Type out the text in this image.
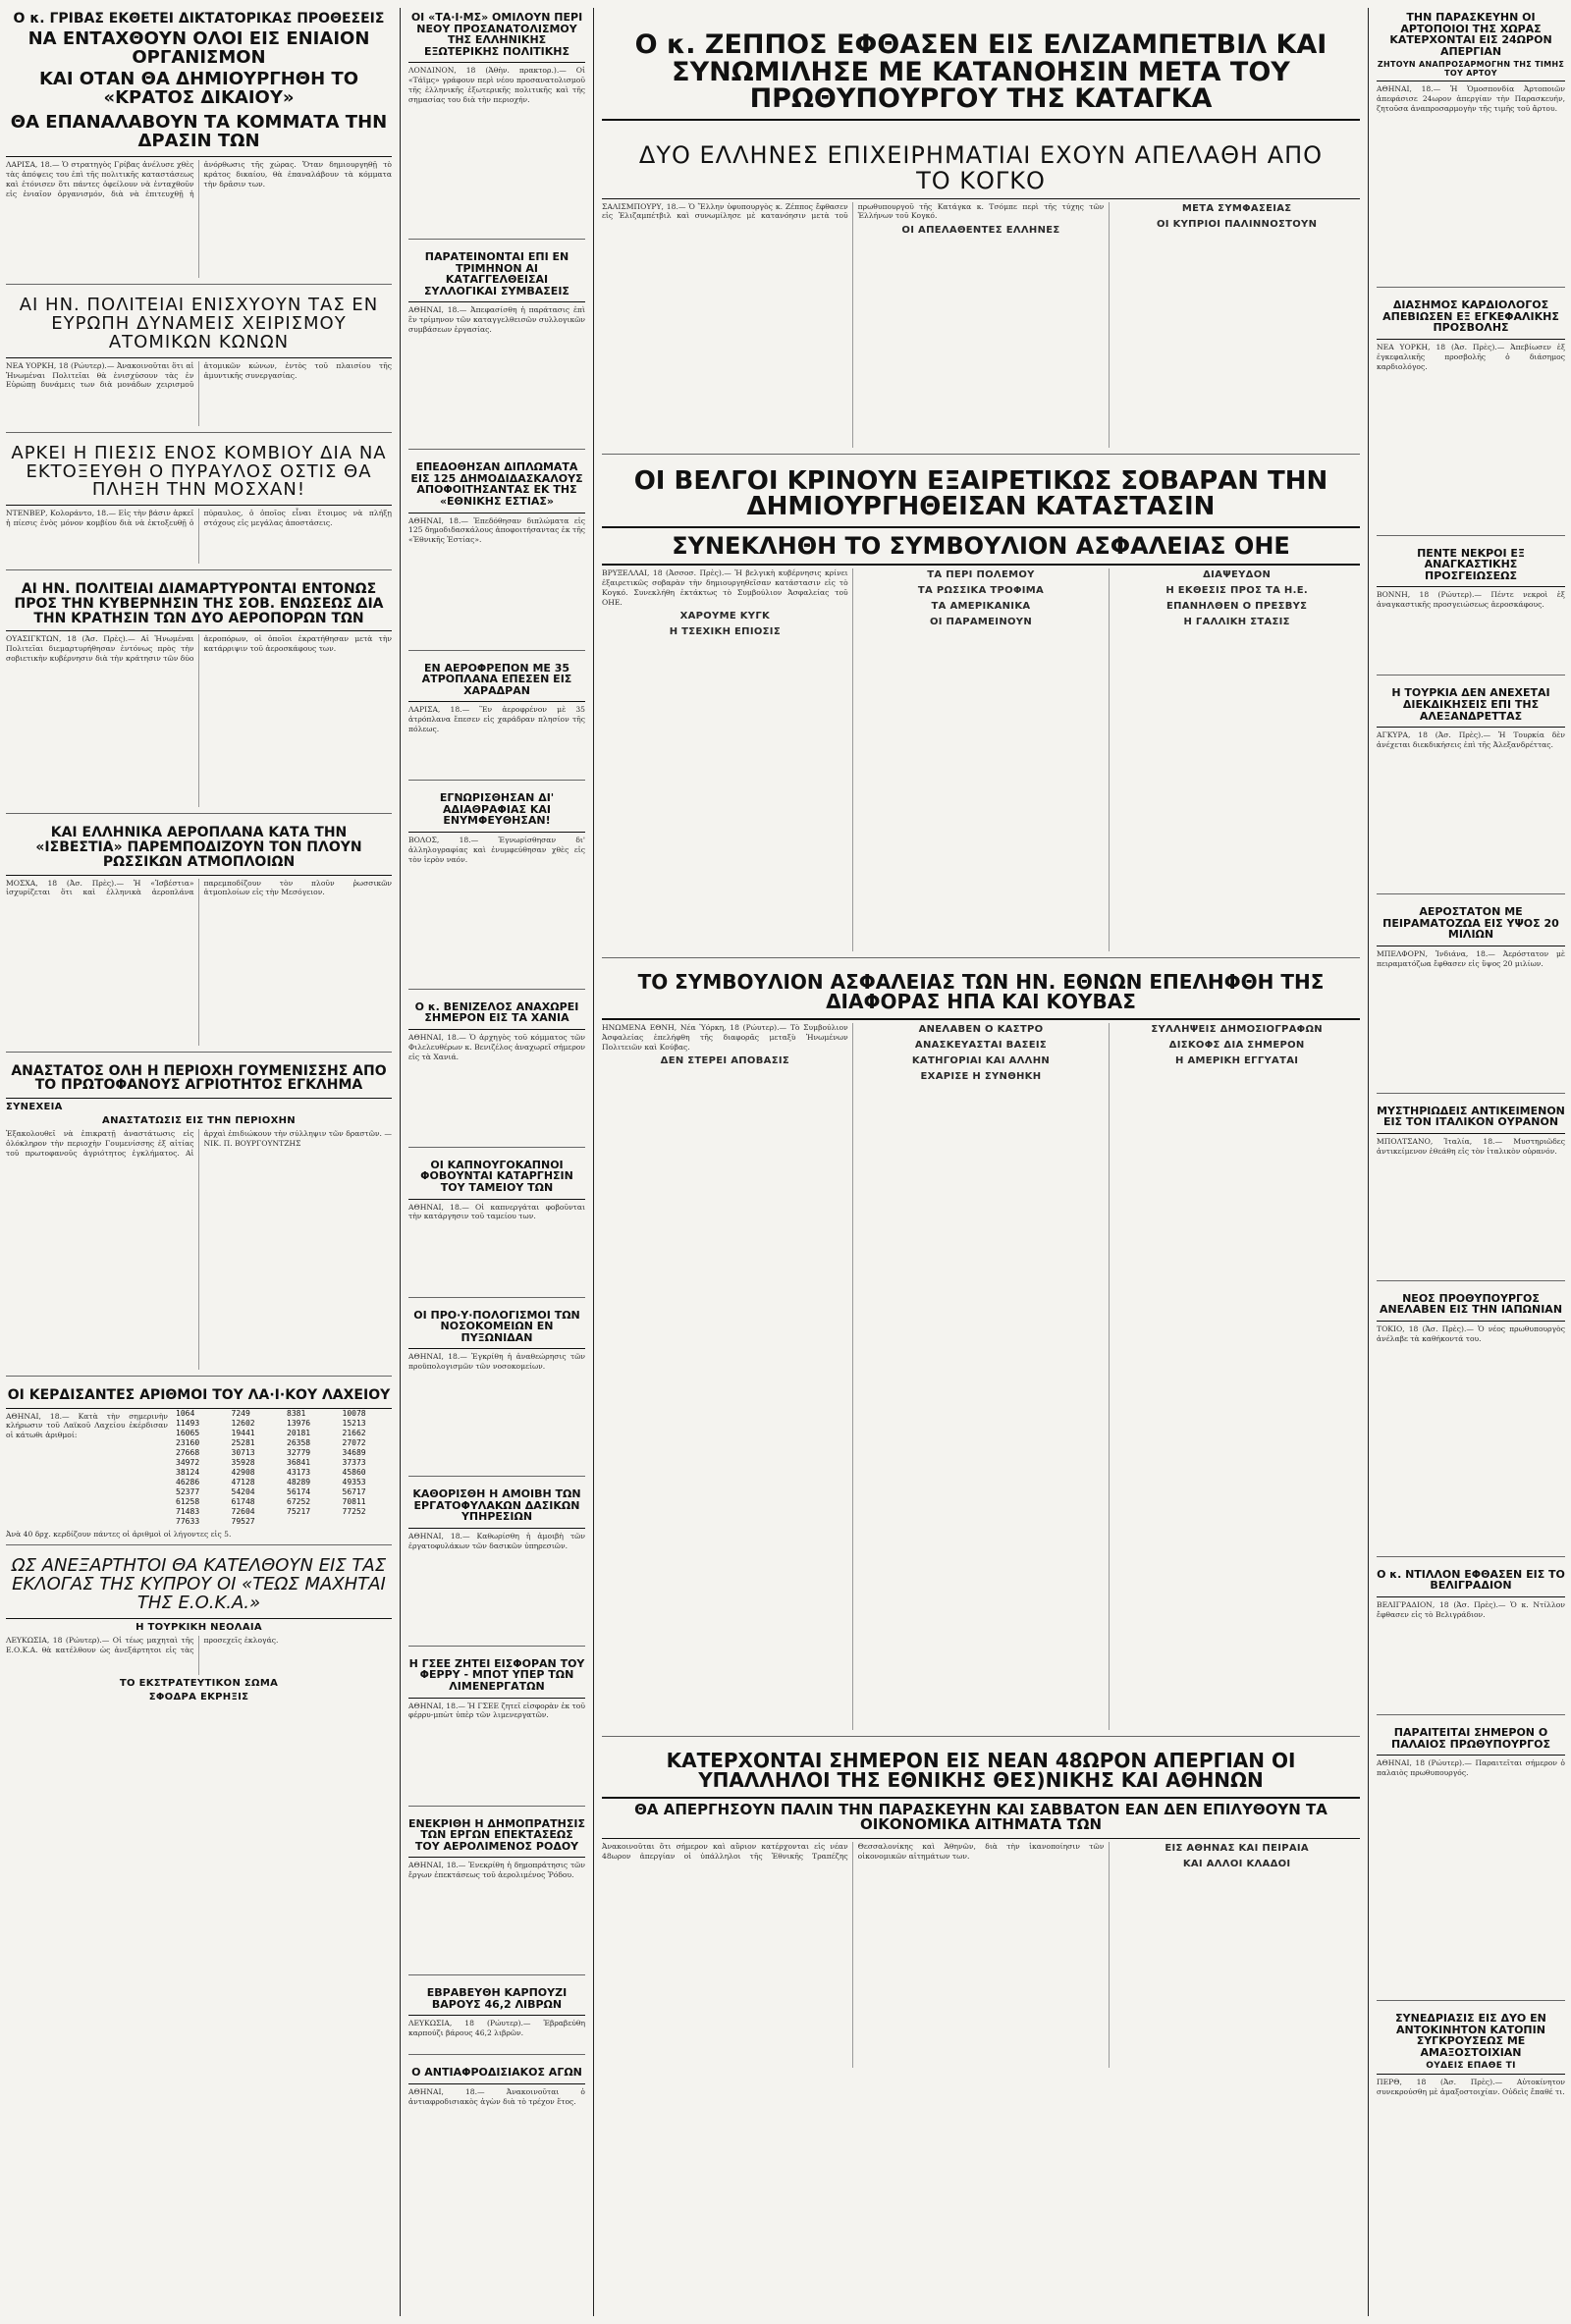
Ο κ. ΓΡΙΒΑΣ ΕΚΘΕΤΕΙ ΔΙΚΤΑΤΟΡΙΚΑΣ ΠΡΟΘΕΣΕΙΣ
ΝΑ ΕΝΤΑΧΘΟΥΝ ΟΛΟΙ ΕΙΣ ΕΝΙΑΙΟΝ ΟΡΓΑΝΙΣΜΟΝ
ΚΑΙ ΟΤΑΝ ΘΑ ΔΗΜΙΟΥΡΓΗΘΗ ΤΟ «ΚΡΑΤΟΣ ΔΙΚΑΙΟΥ»
ΘΑ ΕΠΑΝΑΛΑΒΟΥΝ ΤΑ ΚΟΜΜΑΤΑ ΤΗΝ ΔΡΑΣΙΝ ΤΩΝ
ΛΑΡΙΣΑ, 18.— Ὁ στρατηγὸς Γρίβας ἀνέλυσε χθὲς τὰς ἀπόψεις του ἐπὶ τῆς πολιτικῆς καταστάσεως καὶ ἐτόνισεν ὅτι πάντες ὀφείλουν νὰ ἐνταχθοῦν εἰς ἑνιαῖον ὀργανισμόν, διὰ νὰ ἐπιτευχθῇ ἡ ἀνόρθωσις τῆς χώρας. Ὅταν δημιουργηθῇ τὸ κράτος δικαίου, θὰ ἐπαναλάβουν τὰ κόμματα τὴν δρᾶσιν των.
ΑΙ ΗΝ. ΠΟΛΙΤΕΙΑΙ ΕΝΙΣΧΥΟΥΝ ΤΑΣ ΕΝ ΕΥΡΩΠΗ ΔΥΝΑΜΕΙΣ ΧΕΙΡΙΣΜΟΥ ΑΤΟΜΙΚΩΝ ΚΩΝΩΝ
ΝΕΑ ΥΟΡΚΗ, 18 (Ρώυτερ).— Ἀνακοινοῦται ὅτι αἱ Ἡνωμέναι Πολιτεῖαι θὰ ἐνισχύσουν τὰς ἐν Εὐρώπῃ δυνάμεις των διὰ μονάδων χειρισμοῦ ἀτομικῶν κώνων, ἐντὸς τοῦ πλαισίου τῆς ἀμυντικῆς συνεργασίας.
ΑΡΚΕΙ Η ΠΙΕΣΙΣ ΕΝΟΣ ΚΟΜΒΙΟΥ ΔΙΑ ΝΑ ΕΚΤΟΞΕΥΘΗ Ο ΠΥΡΑΥΛΟΣ ΟΣΤΙΣ ΘΑ ΠΛΗΞΗ ΤΗΝ ΜΟΣΧΑΝ!
ΝΤΕΝΒΕΡ, Κολοράντο, 18.— Εἰς τὴν βάσιν ἀρκεῖ ἡ πίεσις ἑνὸς μόνον κομβίου διὰ νὰ ἐκτοξευθῇ ὁ πύραυλος, ὁ ὁποῖος εἶναι ἕτοιμος νὰ πλήξῃ στόχους εἰς μεγάλας ἀποστάσεις.
ΑΙ ΗΝ. ΠΟΛΙΤΕΙΑΙ ΔΙΑΜΑΡΤΥΡΟΝΤΑΙ ΕΝΤΟΝΩΣ ΠΡΟΣ ΤΗΝ ΚΥΒΕΡΝΗΣΙΝ ΤΗΣ ΣΟΒ. ΕΝΩΣΕΩΣ ΔΙΑ ΤΗΝ ΚΡΑΤΗΣΙΝ ΤΩΝ ΔΥΟ ΑΕΡΟΠΟΡΩΝ ΤΩΝ
ΟΥΑΣΙΓΚΤΩΝ, 18 (Ἀσ. Πρὲς).— Αἱ Ἡνωμέναι Πολιτεῖαι διεμαρτυρήθησαν ἐντόνως πρὸς τὴν σοβιετικὴν κυβέρνησιν διὰ τὴν κράτησιν τῶν δύο ἀεροπόρων, οἱ ὁποῖοι ἐκρατήθησαν μετὰ τὴν κατάρριψιν τοῦ ἀεροσκάφους των.
ΚΑΙ ΕΛΛΗΝΙΚΑ ΑΕΡΟΠΛΑΝΑ ΚΑΤΑ ΤΗΝ «ΙΣΒΕΣΤΙΑ» ΠΑΡΕΜΠΟΔΙΖΟΥΝ ΤΟΝ ΠΛΟΥΝ ΡΩΣΣΙΚΩΝ ΑΤΜΟΠΛΟΙΩΝ
ΜΟΣΧΑ, 18 (Ἀσ. Πρὲς).— Ἡ «Ἰσβέστια» ἰσχυρίζεται ὅτι καὶ ἑλληνικὰ ἀεροπλάνα παρεμποδίζουν τὸν πλοῦν ῥωσσικῶν ἀτμοπλοίων εἰς τὴν Μεσόγειον.
ΑΝΑΣΤΑΤΟΣ ΟΛΗ Η ΠΕΡΙΟΧΗ ΓΟΥΜΕΝΙΣΣΗΣ ΑΠΟ ΤΟ ΠΡΩΤΟΦΑΝΟΥΣ ΑΓΡΙΟΤΗΤΟΣ ΕΓΚΛΗΜΑ
ΣΥΝΕΧΕΙΑ
ΑΝΑΣΤΑΤΩΣΙΣ ΕΙΣ ΤΗΝ ΠΕΡΙΟΧΗΝ
Ἐξακολουθεῖ νὰ ἐπικρατῇ ἀναστάτωσις εἰς ὁλόκληρον τὴν περιοχὴν Γουμενίσσης ἐξ αἰτίας τοῦ πρωτοφανοῦς ἀγριότητος ἐγκλήματος. Αἱ ἀρχαὶ ἐπιδιώκουν τὴν σύλληψιν τῶν δραστῶν. — ΝΙΚ. Π. ΒΟΥΡΓΟΥΝΤΖΗΣ
ΟΙ ΚΕΡΔΙΣΑΝΤΕΣ ΑΡΙΘΜΟΙ ΤΟΥ ΛΑ·Ι·ΚΟΥ ΛΑΧΕΙΟΥ
ΑΘΗΝΑΙ, 18.— Κατὰ τὴν σημερινὴν κλήρωσιν τοῦ Λαϊκοῦ Λαχείου ἐκέρδισαν οἱ κάτωθι ἀριθμοί:
1064	7249	8381	10078
11493	12602	13976	15213
16065	19441	20181	21662
23160	25281	26358	27072
27668	30713	32779	34689
34972	35928	36841	37373
38124	42908	43173	45860
46286	47128	48289	49353
52377	54204	56174	56717
61258	61748	67252	70811
71483	72604	75217	77252
77633	79527
Ἀνὰ 40 δρχ. κερδίζουν πάντες οἱ ἀριθμοὶ οἱ λήγοντες εἰς 5.
ΩΣ ΑΝΕΞΑΡΤΗΤΟΙ ΘΑ ΚΑΤΕΛΘΟΥΝ ΕΙΣ ΤΑΣ ΕΚΛΟΓΑΣ ΤΗΣ ΚΥΠΡΟΥ ΟΙ «ΤΕΩΣ ΜΑΧΗΤΑΙ ΤΗΣ Ε.Ο.Κ.Α.»
Η ΤΟΥΡΚΙΚΗ ΝΕΟΛΑΙΑ
ΛΕΥΚΩΣΙΑ, 18 (Ρώυτερ).— Οἱ τέως μαχηταὶ τῆς Ε.Ο.Κ.Α. θὰ κατέλθουν ὡς ἀνεξάρτητοι εἰς τὰς προσεχεῖς ἐκλογάς.
ΤΟ ΕΚΣΤΡΑΤΕΥΤΙΚΟΝ ΣΩΜΑ
ΣΦΟΔΡΑ ΕΚΡΗΞΙΣ
ΟΙ «ΤΑ·Ι·ΜΣ» ΟΜΙΛΟΥΝ ΠΕΡΙ ΝΕΟΥ ΠΡΟΣΑΝΑΤΟΛΙΣΜΟΥ ΤΗΣ ΕΛΛΗΝΙΚΗΣ ΕΞΩΤΕΡΙΚΗΣ ΠΟΛΙΤΙΚΗΣ
ΛΟΝΔΙΝΟΝ, 18 (Ἀθὴν. πρακτορ.).— Οἱ «Τάϊμς» γράφουν περὶ νέου προσανατολισμοῦ τῆς ἑλληνικῆς ἐξωτερικῆς πολιτικῆς καὶ τῆς σημασίας του διὰ τὴν περιοχήν.
ΠΑΡΑΤΕΙΝΟΝΤΑΙ ΕΠΙ ΕΝ ΤΡΙΜΗΝΟΝ ΑΙ ΚΑΤΑΓΓΕΛΘΕΙΣΑΙ ΣΥΛΛΟΓΙΚΑΙ ΣΥΜΒΑΣΕΙΣ
ΑΘΗΝΑΙ, 18.— Ἀπεφασίσθη ἡ παράτασις ἐπὶ ἓν τρίμηνον τῶν καταγγελθεισῶν συλλογικῶν συμβάσεων ἐργασίας.
ΕΠΕΔΟΘΗΣΑΝ ΔΙΠΛΩΜΑΤΑ ΕΙΣ 125 ΔΗΜΟΔΙΔΑΣΚΑΛΟΥΣ ΑΠΟΦΟΙΤΗΣΑΝΤΑΣ ΕΚ ΤΗΣ «ΕΘΝΙΚΗΣ ΕΣΤΙΑΣ»
ΑΘΗΝΑΙ, 18.— Ἐπεδόθησαν διπλώματα εἰς 125 δημοδιδασκάλους ἀποφοιτήσαντας ἐκ τῆς «Ἐθνικῆς Ἑστίας».
ΕΝ ΑΕΡΟΦΡΕΠΟΝ ΜΕ 35 ΑΤΡΟΠΛΑΝΑ ΕΠΕΣΕΝ ΕΙΣ ΧΑΡΑΔΡΑΝ
ΛΑΡΙΣΑ, 18.— Ἓν ἀεροφρένον μὲ 35 ἀτρόπλανα ἔπεσεν εἰς χαράδραν πλησίον τῆς πόλεως.
ΕΓΝΩΡΙΣΘΗΣΑΝ ΔΙ' ΑΔΙΑΘΡΑΦΙΑΣ ΚΑΙ ΕΝΥΜΦΕΥΘΗΣΑΝ!
ΒΟΛΟΣ, 18.— Ἐγνωρίσθησαν δι' ἀλληλογραφίας καὶ ἐνυμφεύθησαν χθὲς εἰς τὸν ἱερὸν ναόν.
Ο κ. ΒΕΝΙΖΕΛΟΣ ΑΝΑΧΩΡΕΙ ΣΗΜΕΡΟΝ ΕΙΣ ΤΑ ΧΑΝΙΑ
ΑΘΗΝΑΙ, 18.— Ὁ ἀρχηγὸς τοῦ κόμματος τῶν Φιλελευθέρων κ. Βενιζέλος ἀναχωρεῖ σήμερον εἰς τὰ Χανιά.
ΟΙ ΚΑΠΝΟΥΓΟΚΑΠΝΟΙ ΦΟΒΟΥΝΤΑΙ ΚΑΤΑΡΓΗΣΙΝ ΤΟΥ ΤΑΜΕΙΟΥ ΤΩΝ
ΑΘΗΝΑΙ, 18.— Οἱ καπνεργάται φοβοῦνται τὴν κατάργησιν τοῦ ταμείου των.
ΟΙ ΠΡΟ·Υ·ΠΟΛΟΓΙΣΜΟΙ ΤΩΝ ΝΟΣΟΚΟΜΕΙΩΝ ΕΝ ΠΥΞΩΝΙΔΑΝ
ΑΘΗΝΑΙ, 18.— Ἐγκρίθη ἡ ἀναθεώρησις τῶν προϋπολογισμῶν τῶν νοσοκομείων.
ΚΑΘΟΡΙΣΘΗ Η ΑΜΟΙΒΗ ΤΩΝ ΕΡΓΑΤΟΦΥΛΑΚΩΝ ΔΑΣΙΚΩΝ ΥΠΗΡΕΣΙΩΝ
ΑΘΗΝΑΙ, 18.— Καθωρίσθη ἡ ἀμοιβὴ τῶν ἐργατοφυλάκων τῶν δασικῶν ὑπηρεσιῶν.
Η ΓΣΕΕ ΖΗΤΕΙ ΕΙΣΦΟΡΑΝ ΤΟΥ ΦΕΡΡΥ - ΜΠΟΤ ΥΠΕΡ ΤΩΝ ΛΙΜΕΝΕΡΓΑΤΩΝ
ΑΘΗΝΑΙ, 18.— Ἡ ΓΣΕΕ ζητεῖ εἰσφορὰν ἐκ τοῦ φέρρυ-μπὼτ ὑπὲρ τῶν λιμενεργατῶν.
ΕΝΕΚΡΙΘΗ Η ΔΗΜΟΠΡΑΤΗΣΙΣ ΤΩΝ ΕΡΓΩΝ ΕΠΕΚΤΑΣΕΩΣ ΤΟΥ ΑΕΡΟΛΙΜΕΝΟΣ ΡΟΔΟΥ
ΑΘΗΝΑΙ, 18.— Ἐνεκρίθη ἡ δημοπράτησις τῶν ἔργων ἐπεκτάσεως τοῦ ἀερολιμένος Ῥόδου.
ΕΒΡΑΒΕΥΘΗ ΚΑΡΠΟΥΖΙ ΒΑΡΟΥΣ 46,2 ΛΙΒΡΩΝ
ΛΕΥΚΩΣΙΑ, 18 (Ρώυτερ).— Ἐβραβεύθη καρπούζι βάρους 46,2 λιβρῶν.
Ο ΑΝΤΙΑΦΡΟΔΙΣΙΑΚΟΣ ΑΓΩΝ
ΑΘΗΝΑΙ, 18.— Ἀνακοινοῦται ὁ ἀντιαφροδισιακὸς ἀγὼν διὰ τὸ τρέχον ἔτος.
Ο κ. ΖΕΠΠΟΣ ΕΦΘΑΣΕΝ ΕΙΣ ΕΛΙΖΑΜΠΕΤΒΙΛ ΚΑΙ ΣΥΝΩΜΙΛΗΣΕ ΜΕ ΚΑΤΑΝΟΗΣΙΝ ΜΕΤΑ ΤΟΥ ΠΡΩΘΥΠΟΥΡΓΟΥ ΤΗΣ ΚΑΤΑΓΚΑ
ΔΥΟ ΕΛΛΗΝΕΣ ΕΠΙΧΕΙΡΗΜΑΤΙΑΙ ΕΧΟΥΝ ΑΠΕΛΑΘΗ ΑΠΟ ΤΟ ΚΟΓΚΟ
ΣΑΛΙΣΜΠΟΥΡΥ, 18.— Ὁ Ἕλλην ὑφυπουργὸς κ. Ζέππος ἔφθασεν εἰς Ἐλιζαμπέτβιλ καὶ συνωμίλησε μὲ κατανόησιν μετὰ τοῦ πρωθυπουργοῦ τῆς Κατάγκα κ. Τσόμπε περὶ τῆς τύχης τῶν Ἑλλήνων τοῦ Κογκό.
ΟΙ ΑΠΕΛΑΘΕΝΤΕΣ ΕΛΛΗΝΕΣ
ΜΕΤΑ ΣΥΜΦΑΣΕΙΑΣ
ΟΙ ΚΥΠΡΙΟΙ ΠΑΛΙΝΝΟΣΤΟΥΝ
ΟΙ ΒΕΛΓΟΙ ΚΡΙΝΟΥΝ ΕΞΑΙΡΕΤΙΚΩΣ ΣΟΒΑΡΑΝ ΤΗΝ ΔΗΜΙΟΥΡΓΗΘΕΙΣΑΝ ΚΑΤΑΣΤΑΣΙΝ
ΣΥΝΕΚΛΗΘΗ ΤΟ ΣΥΜΒΟΥΛΙΟΝ ΑΣΦΑΛΕΙΑΣ ΟΗΕ
ΒΡΥΞΕΛΛΑΙ, 18 (Ἀσσοσ. Πρὲς).— Ἡ βελγικὴ κυβέρνησις κρίνει ἐξαιρετικῶς σοβαρὰν τὴν δημιουργηθεῖσαν κατάστασιν εἰς τὸ Κογκό. Συνεκλήθη ἐκτάκτως τὸ Συμβούλιον Ἀσφαλείας τοῦ ΟΗΕ.
ΧΑΡΟΥΜΕ ΚΥΓΚ
Η ΤΣΕΧΙΚΗ ΕΠΙΟΣΙΣ
ΤΑ ΠΕΡΙ ΠΟΛΕΜΟΥ
ΤΑ ΡΩΣΣΙΚΑ ΤΡΟΦΙΜΑ
ΤΑ ΑΜΕΡΙΚΑΝΙΚΑ
ΟΙ ΠΑΡΑΜΕΙΝΟΥΝ
ΔΙΑΨΕΥΔΟΝ
Η ΕΚΘΕΣΙΣ ΠΡΟΣ ΤΑ Η.Ε.
ΕΠΑΝΗΛΘΕΝ Ο ΠΡΕΣΒΥΣ
Η ΓΑΛΛΙΚΗ ΣΤΑΣΙΣ
ΤΟ ΣΥΜΒΟΥΛΙΟΝ ΑΣΦΑΛΕΙΑΣ ΤΩΝ ΗΝ. ΕΘΝΩΝ ΕΠΕΛΗΦΘΗ ΤΗΣ ΔΙΑΦΟΡΑΣ ΗΠΑ ΚΑΙ ΚΟΥΒΑΣ
ΗΝΩΜΕΝΑ ΕΘΝΗ, Νέα Ὑόρκη, 18 (Ρώυτερ).— Τὸ Συμβούλιον Ἀσφαλείας ἐπελήφθη τῆς διαφορᾶς μεταξὺ Ἡνωμένων Πολιτειῶν καὶ Κούβας.
ΔΕΝ ΣΤΕΡΕΙ ΑΠΟΒΑΣΙΣ
ΑΝΕΛΑΒΕΝ Ο ΚΑΣΤΡΟ
ΑΝΑΣΚΕΥΑΣΤΑΙ ΒΑΣΕΙΣ
ΚΑΤΗΓΟΡΙΑΙ ΚΑΙ ΑΛΛΗΝ
ΕΧΑΡΙΣΕ Η ΣΥΝΘΗΚΗ
ΣΥΛΛΗΨΕΙΣ ΔΗΜΟΣΙΟΓΡΑΦΩΝ
ΔΙΣΚΟΦΣ ΔΙΑ ΣΗΜΕΡΟΝ
Η ΑΜΕΡΙΚΗ ΕΓΓΥΑΤΑΙ
ΚΑΤΕΡΧΟΝΤΑΙ ΣΗΜΕΡΟΝ ΕΙΣ ΝΕΑΝ 48ΩΡΟΝ ΑΠΕΡΓΙΑΝ ΟΙ ΥΠΑΛΛΗΛΟΙ ΤΗΣ ΕΘΝΙΚΗΣ ΘΕΣ)ΝΙΚΗΣ ΚΑΙ ΑΘΗΝΩΝ
ΘΑ ΑΠΕΡΓΗΣΟΥΝ ΠΑΛΙΝ ΤΗΝ ΠΑΡΑΣΚΕΥΗΝ ΚΑΙ ΣΑΒΒΑΤΟΝ ΕΑΝ ΔΕΝ ΕΠΙΛΥΘΟΥΝ ΤΑ ΟΙΚΟΝΟΜΙΚΑ ΑΙΤΗΜΑΤΑ ΤΩΝ
Ἀνακοινοῦται ὅτι σήμερον καὶ αὔριον κατέρχονται εἰς νέαν 48ωρον ἀπεργίαν οἱ ὑπάλληλοι τῆς Ἐθνικῆς Τραπέζης Θεσσαλονίκης καὶ Ἀθηνῶν, διὰ τὴν ἱκανοποίησιν τῶν οἰκονομικῶν αἰτημάτων των.
ΕΙΣ ΑΘΗΝΑΣ ΚΑΙ ΠΕΙΡΑΙΑ
ΚΑΙ ΑΛΛΟΙ ΚΛΑΔΟΙ
ΤΗΝ ΠΑΡΑΣΚΕΥΗΝ ΟΙ ΑΡΤΟΠΟΙΟΙ ΤΗΣ ΧΩΡΑΣ ΚΑΤΕΡΧΟΝΤΑΙ ΕΙΣ 24ΩΡΟΝ ΑΠΕΡΓΙΑΝ
ΖΗΤΟΥΝ ΑΝΑΠΡΟΣΑΡΜΟΓΗΝ ΤΗΣ ΤΙΜΗΣ ΤΟΥ ΑΡΤΟΥ
ΑΘΗΝΑΙ, 18.— Ἡ Ὁμοσπονδία Ἀρτοποιῶν ἀπεφάσισε 24ωρον ἀπεργίαν τὴν Παρασκευήν, ζητοῦσα ἀναπροσαρμογὴν τῆς τιμῆς τοῦ ἄρτου.
ΔΙΑΣΗΜΟΣ ΚΑΡΔΙΟΛΟΓΟΣ ΑΠΕΒΙΩΣΕΝ ΕΞ ΕΓΚΕΦΑΛΙΚΗΣ ΠΡΟΣΒΟΛΗΣ
ΝΕΑ ΥΟΡΚΗ, 18 (Ἀσ. Πρὲς).— Ἀπεβίωσεν ἐξ ἐγκεφαλικῆς προσβολῆς ὁ διάσημος καρδιολόγος.
ΠΕΝΤΕ ΝΕΚΡΟΙ ΕΞ ΑΝΑΓΚΑΣΤΙΚΗΣ ΠΡΟΣΓΕΙΩΣΕΩΣ
ΒΟΝΝΗ, 18 (Ρώυτερ).— Πέντε νεκροὶ ἐξ ἀναγκαστικῆς προσγειώσεως ἀεροσκάφους.
Η ΤΟΥΡΚΙΑ ΔΕΝ ΑΝΕΧΕΤΑΙ ΔΙΕΚΔΙΚΗΣΕΙΣ ΕΠΙ ΤΗΣ ΑΛΕΞΑΝΔΡΕΤΤΑΣ
ΑΓΚΥΡΑ, 18 (Ἀσ. Πρὲς).— Ἡ Τουρκία δὲν ἀνέχεται διεκδικήσεις ἐπὶ τῆς Ἀλεξανδρέττας.
ΑΕΡΟΣΤΑΤΟΝ ΜΕ ΠΕΙΡΑΜΑΤΟΖΩΑ ΕΙΣ ΥΨΟΣ 20 ΜΙΛΙΩΝ
ΜΠΕΛΦΟΡΝ, Ἰνδιάνα, 18.— Ἀερόστατον μὲ πειραματόζωα ἔφθασεν εἰς ὕψος 20 μιλίων.
ΜΥΣΤΗΡΙΩΔΕΙΣ ΑΝΤΙΚΕΙΜΕΝΟΝ ΕΙΣ ΤΟΝ ΙΤΑΛΙΚΟΝ ΟΥΡΑΝΟΝ
ΜΠΟΛΤΣΑΝΟ, Ἰταλία, 18.— Μυστηριῶδες ἀντικείμενον ἐθεάθη εἰς τὸν ἰταλικὸν οὐρανόν.
ΝΕΟΣ ΠΡΟΘΥΠΟΥΡΓΟΣ ΑΝΕΛΑΒΕΝ ΕΙΣ ΤΗΝ ΙΑΠΩΝΙΑΝ
ΤΟΚΙΟ, 18 (Ἀσ. Πρὲς).— Ὁ νέος πρωθυπουργὸς ἀνέλαβε τὰ καθήκοντά του.
Ο κ. ΝΤΙΛΛΟΝ ΕΦΘΑΣΕΝ ΕΙΣ ΤΟ ΒΕΛΙΓΡΑΔΙΟΝ
ΒΕΛΙΓΡΑΔΙΟΝ, 18 (Ἀσ. Πρὲς).— Ὁ κ. Ντίλλον ἔφθασεν εἰς τὸ Βελιγράδιον.
ΠΑΡΑΙΤΕΙΤΑΙ ΣΗΜΕΡΟΝ Ο ΠΑΛΑΙΟΣ ΠΡΩΘΥΠΟΥΡΓΟΣ
ΑΘΗΝΑΙ, 18 (Ρώυτερ).— Παραιτεῖται σήμερον ὁ παλαιὸς πρωθυπουργός.
ΣΥΝΕΔΡΙΑΣΙΣ ΕΙΣ ΔΥΟ ΕΝ ΑΝΤΟΚΙΝΗΤΟΝ ΚΑΤΟΠΙΝ ΣΥΓΚΡΟΥΣΕΩΣ ΜΕ ΑΜΑΞΟΣΤΟΙΧΙΑΝ
ΟΥΔΕΙΣ ΕΠΑΘΕ ΤΙ
ΠΕΡΘ, 18 (Ἀσ. Πρὲς).— Αὐτοκίνητον συνεκρούσθη μὲ ἁμαξοστοιχίαν. Οὐδεὶς ἔπαθέ τι.
